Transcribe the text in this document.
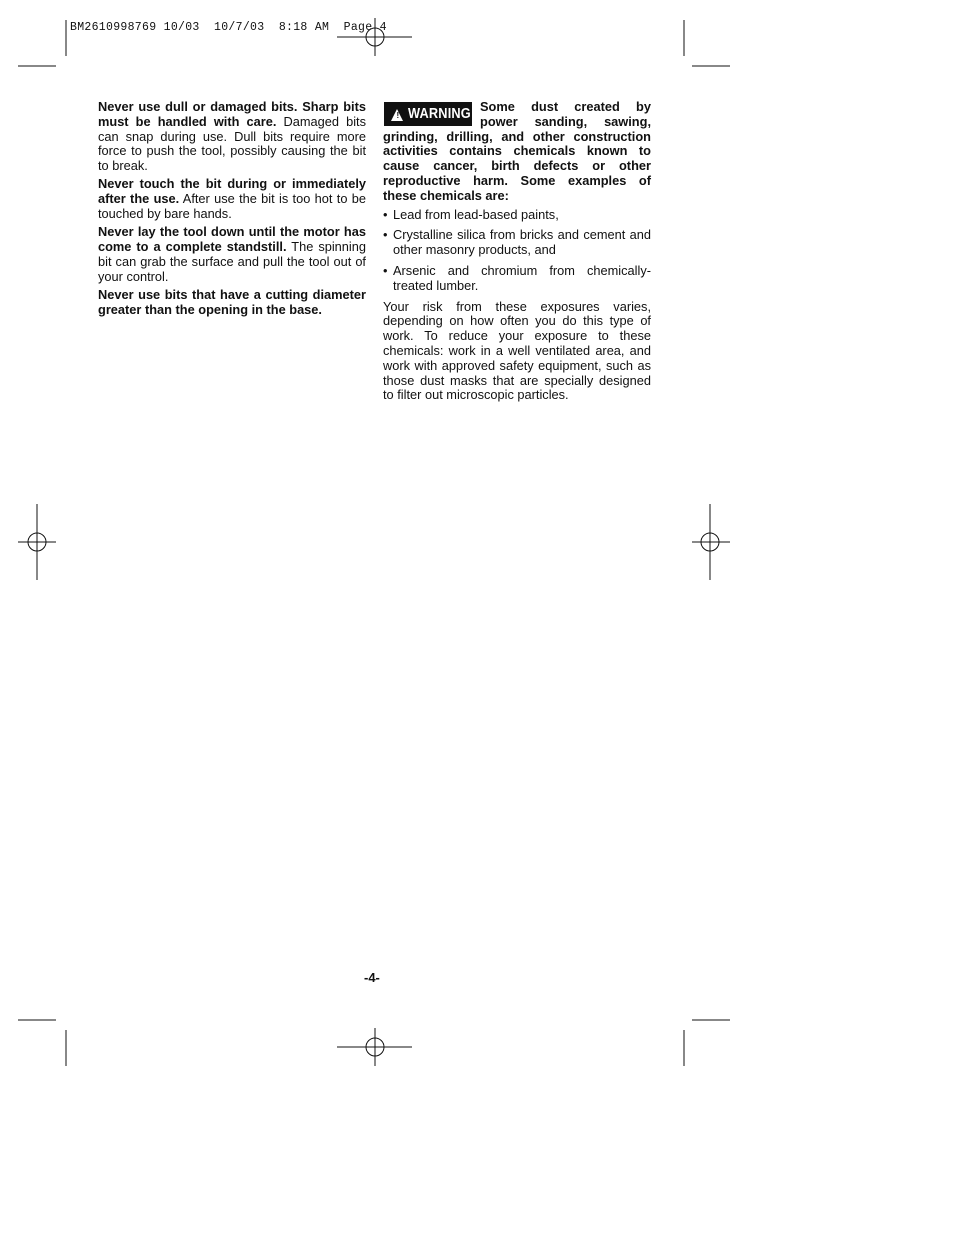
BM2610998769 10/03  10/7/03  8:18 AM  Page 4

Never use dull or damaged bits. Sharp bits must be handled with care. Damaged bits can snap during use. Dull bits require more force to push the tool, possibly causing the bit to break.

Never touch the bit during or immediately after the use. After use the bit is too hot to be touched by bare hands.

Never lay the tool down until the motor has come to a complete standstill. The spinning bit can grab the surface and pull the tool out of your control.

Never use bits that have a cutting diameter greater than the opening in the base.

! WARNING Some dust created by power sanding, sawing, grinding, drilling, and other construction activities contains chemicals known to cause cancer, birth defects or other reproductive harm. Some examples of these chemicals are:

• Lead from lead-based paints,
• Crystalline silica from bricks and cement and other masonry products, and
• Arsenic and chromium from chemically-treated lumber.

Your risk from these exposures varies, depending on how often you do this type of work. To reduce your exposure to these chemicals: work in a well ventilated area, and work with approved safety equipment, such as those dust masks that are specially designed to filter out microscopic particles.

-4-
